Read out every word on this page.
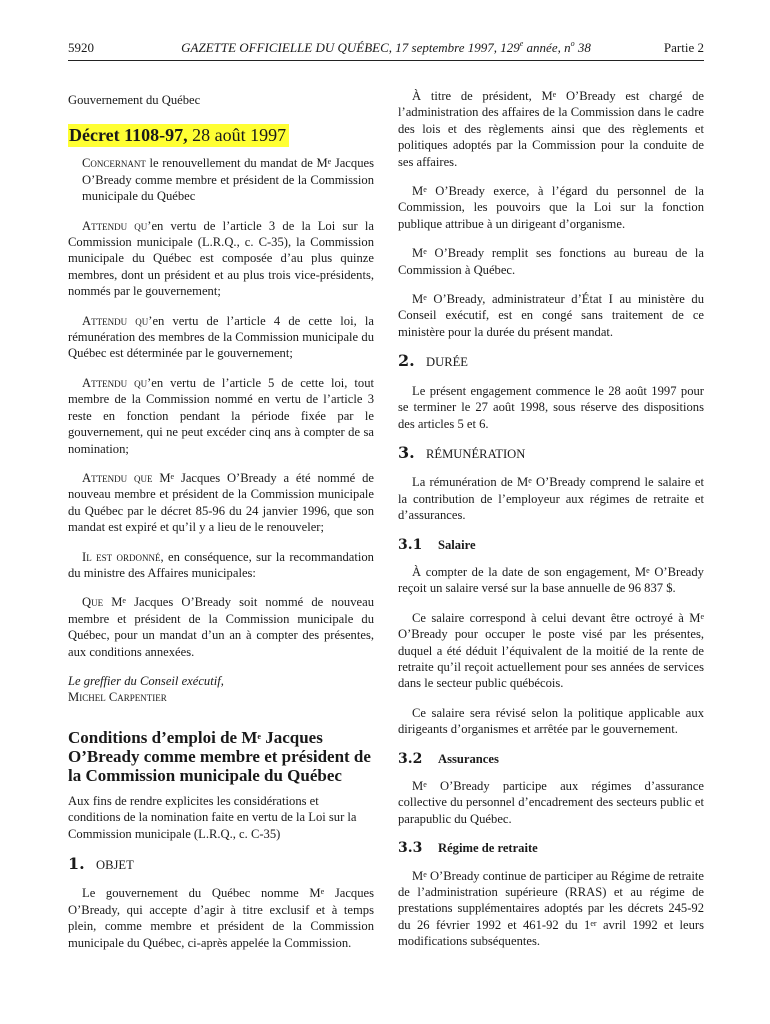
5920	GAZETTE OFFICIELLE DU QUÉBEC, 17 septembre 1997, 129e année, $n^o$ 38	Partie 2
Gouvernement du Québec
Décret 1108-97, 28 août 1997

Concernant le renouvellement du mandat de Me Jacques O’Bready comme membre et président de la Commission municipale du Québec

Attendu qu’en vertu de l’article 3 de la Loi sur la Commission municipale (L.R.Q., c. C-35), la Commission municipale du Québec est composée d’au plus quinze membres, dont un président et au plus trois vice-présidents, nommés par le gouvernement;

Attendu qu’en vertu de l’article 4 de cette loi, la rémunération des membres de la Commission municipale du Québec est déterminée par le gouvernement;

Attendu qu’en vertu de l’article 5 de cette loi, tout membre de la Commission nommé en vertu de l’article 3 reste en fonction pendant la période fixée par le gouvernement, qui ne peut excéder cinq ans à compter de sa nomination;

Attendu que Me Jacques O’Bready a été nommé de nouveau membre et président de la Commission municipale du Québec par le décret 85-96 du 24 janvier 1996, que son mandat est expiré et qu’il y a lieu de le renouveler;

Il est ordonné, en conséquence, sur la recommandation du ministre des Affaires municipales:

Que Me Jacques O’Bready soit nommé de nouveau membre et président de la Commission municipale du Québec, pour un mandat d’un an à compter des présentes, aux conditions annexées.

Le greffier du Conseil exécutif,

Michel Carpentier

Conditions d’emploi de Me Jacques O’Bready comme membre et président de la Commission municipale du Québec
Aux fins de rendre explicites les considérations et conditions de la nomination faite en vertu de la Loi sur la Commission municipale (L.R.Q., c. C-35)
1. OBJET

Le gouvernement du Québec nomme Me Jacques O’Bready, qui accepte d’agir à titre exclusif et à temps plein, comme membre et président de la Commission municipale du Québec, ci-après appelée la Commission.

À titre de président, Me O’Bready est chargé de l’administration des affaires de la Commission dans le cadre des lois et des règlements ainsi que des règlements et politiques adoptés par la Commission pour la conduite de ses affaires.

Me O’Bready exerce, à l’égard du personnel de la Commission, les pouvoirs que la Loi sur la fonction publique attribue à un dirigeant d’organisme.

Me O’Bready remplit ses fonctions au bureau de la Commission à Québec.

Me O’Bready, administrateur d’État I au ministère du Conseil exécutif, est en congé sans traitement de ce ministère pour la durée du présent mandat.

2. DURÉE

Le présent engagement commence le 28 août 1997 pour se terminer le 27 août 1998, sous réserve des dispositions des articles 5 et 6.

3. RÉMUNÉRATION

La rémunération de Me O’Bready comprend le salaire et la contribution de l’employeur aux régimes de retraite et d’assurances.

3.1	Salaire

À compter de la date de son engagement, Me O’Bready reçoit un salaire versé sur la base annuelle de 96 837 $.

Ce salaire correspond à celui devant être octroyé à Me O’Bready pour occuper le poste visé par les présentes, duquel a été déduit l’équivalent de la moitié de la rente de retraite qu’il reçoit actuellement pour ses années de services dans le secteur public québécois.

Ce salaire sera révisé selon la politique applicable aux dirigeants d’organismes et arrêtée par le gouvernement.

3.2	Assurances

Me O’Bready participe aux régimes d’assurance collective du personnel d’encadrement des secteurs public et parapublic du Québec.

3.3	Régime de retraite

Me O’Bready continue de participer au Régime de retraite de l’administration supérieure (RRAS) et au régime de prestations supplémentaires adoptés par les décrets 245-92 du 26 février 1992 et 461-92 du 1er avril 1992 et leurs modifications subséquentes.
